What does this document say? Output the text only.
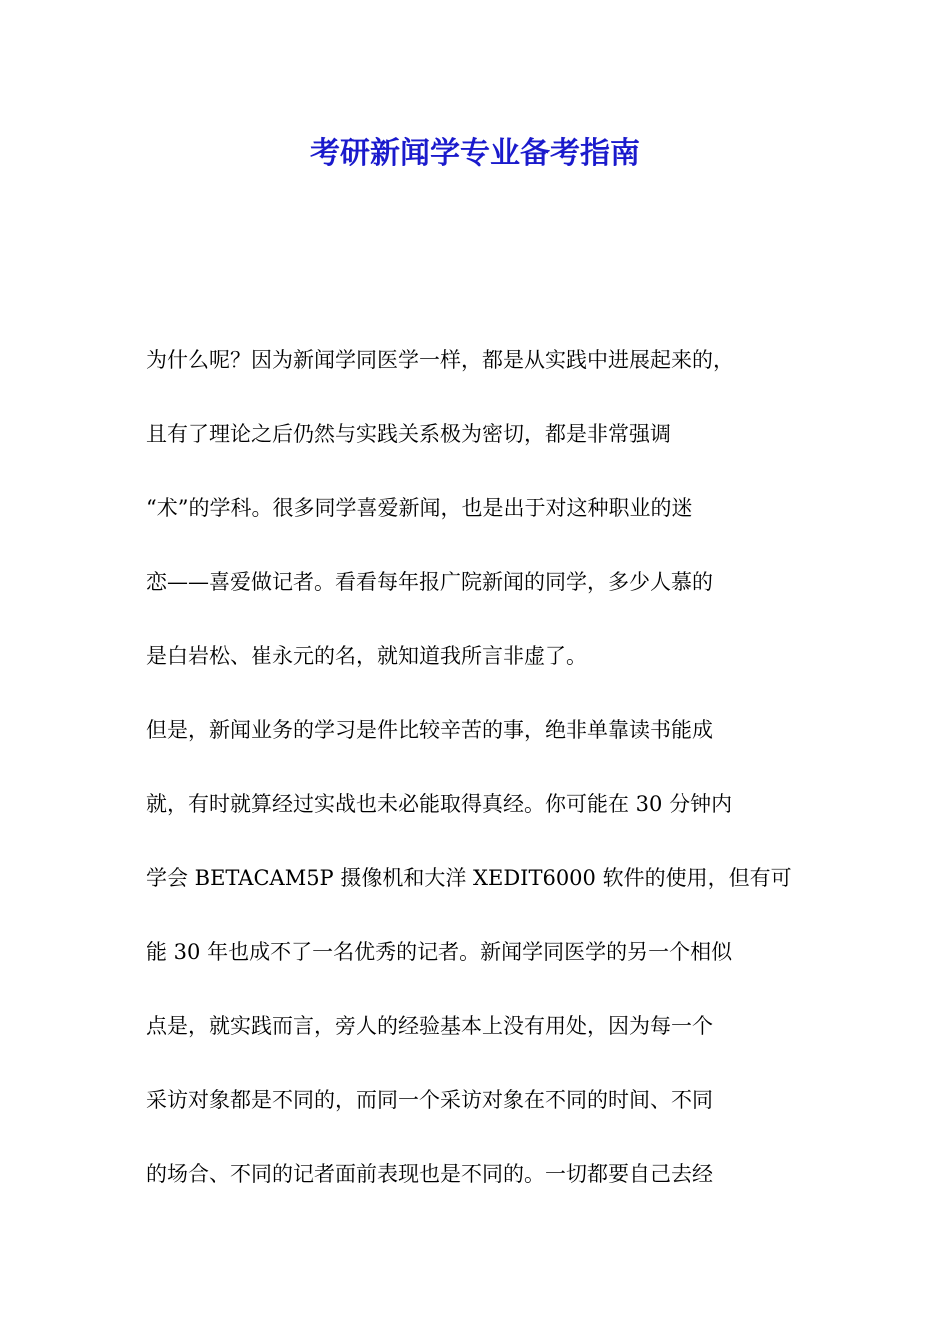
考研新闻学专业备考指南
为什么呢？因为新闻学同医学一样，都是从实践中进展起来的，
且有了理论之后仍然与实践关系极为密切，都是非常强调
“术”的学科。很多同学喜爱新闻，也是出于对这种职业的迷
恋——喜爱做记者。看看每年报广院新闻的同学，多少人慕的
是白岩松、崔永元的名，就知道我所言非虚了。
但是，新闻业务的学习是件比较辛苦的事，绝非单靠读书能成
就，有时就算经过实战也未必能取得真经。你可能在 30 分钟内
学会 BETACAM5P 摄像机和大洋 XEDIT6000 软件的使用，但有可
能 30 年也成不了一名优秀的记者。新闻学同医学的另一个相似
点是，就实践而言，旁人的经验基本上没有用处，因为每一个
采访对象都是不同的，而同一个采访对象在不同的时间、不同
的场合、不同的记者面前表现也是不同的。一切都要自己去经
